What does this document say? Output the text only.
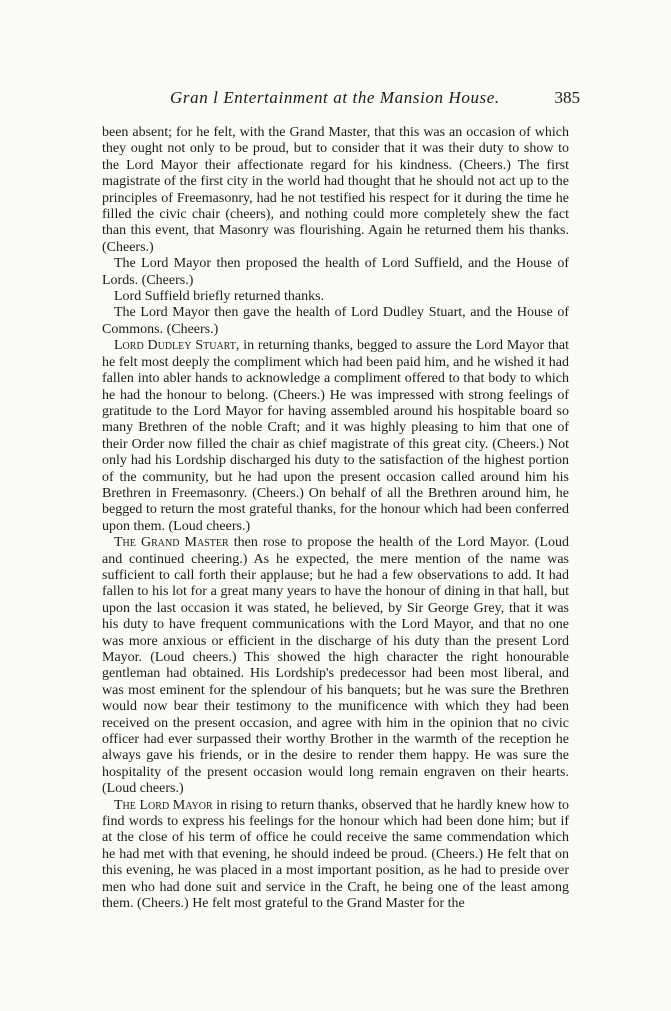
Gran l Entertainment at the Mansion House.	385

been absent; for he felt, with the Grand Master, that this was an occasion of which they ought not only to be proud, but to consider that it was their duty to show to the Lord Mayor their affectionate regard for his kindness. (Cheers.) The first magistrate of the first city in the world had thought that he should not act up to the principles of Freemasonry, had he not testified his respect for it during the time he filled the civic chair (cheers), and nothing could more completely shew the fact than this event, that Masonry was flourishing. Again he returned them his thanks. (Cheers.)

The Lord Mayor then proposed the health of Lord Suffield, and the House of Lords. (Cheers.)

Lord Suffield briefly returned thanks.

The Lord Mayor then gave the health of Lord Dudley Stuart, and the House of Commons. (Cheers.)

Lord Dudley Stuart, in returning thanks, begged to assure the Lord Mayor that he felt most deeply the compliment which had been paid him, and he wished it had fallen into abler hands to acknowledge a compliment offered to that body to which he had the honour to belong. (Cheers.) He was impressed with strong feelings of gratitude to the Lord Mayor for having assembled around his hospitable board so many Brethren of the noble Craft; and it was highly pleasing to him that one of their Order now filled the chair as chief magistrate of this great city. (Cheers.) Not only had his Lordship discharged his duty to the satisfaction of the highest portion of the community, but he had upon the present occasion called around him his Brethren in Freemasonry. (Cheers.) On behalf of all the Brethren around him, he begged to return the most grateful thanks, for the honour which had been conferred upon them. (Loud cheers.)

The Grand Master then rose to propose the health of the Lord Mayor. (Loud and continued cheering.) As he expected, the mere mention of the name was sufficient to call forth their applause; but he had a few observations to add. It had fallen to his lot for a great many years to have the honour of dining in that hall, but upon the last occasion it was stated, he believed, by Sir George Grey, that it was his duty to have frequent communications with the Lord Mayor, and that no one was more anxious or efficient in the discharge of his duty than the present Lord Mayor. (Loud cheers.) This showed the high character the right honourable gentleman had obtained. His Lordship's predecessor had been most liberal, and was most eminent for the splendour of his banquets; but he was sure the Brethren would now bear their testimony to the munificence with which they had been received on the present occasion, and agree with him in the opinion that no civic officer had ever surpassed their worthy Brother in the warmth of the reception he always gave his friends, or in the desire to render them happy. He was sure the hospitality of the present occasion would long remain engraven on their hearts. (Loud cheers.)

The Lord Mayor in rising to return thanks, observed that he hardly knew how to find words to express his feelings for the honour which had been done him; but if at the close of his term of office he could receive the same commendation which he had met with that evening, he should indeed be proud. (Cheers.) He felt that on this evening, he was placed in a most important position, as he had to preside over men who had done suit and service in the Craft, he being one of the least among them. (Cheers.) He felt most grateful to the Grand Master for the
